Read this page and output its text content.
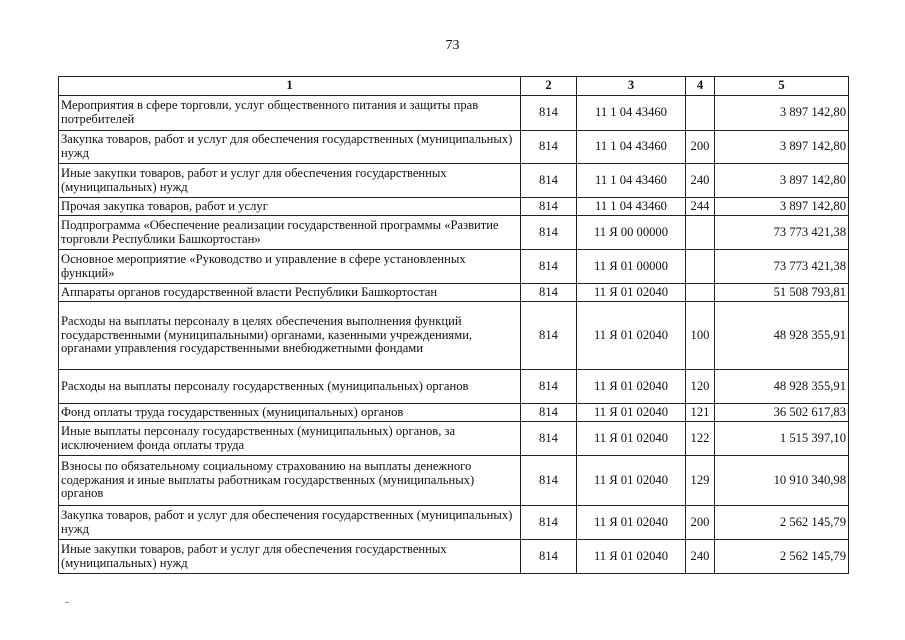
73
1	2	3	4	5
Мероприятия в сфере торговли, услуг общественного питания и защиты прав потребителей	814	11 1 04 43460		3 897 142,80
Закупка товаров, работ и услуг для обеспечения государственных (муниципальных) нужд	814	11 1 04 43460	200	3 897 142,80
Иные закупки товаров, работ и услуг для обеспечения государственных (муниципальных) нужд	814	11 1 04 43460	240	3 897 142,80
Прочая закупка товаров, работ и услуг	814	11 1 04 43460	244	3 897 142,80
Подпрограмма «Обеспечение реализации государственной программы «Развитие торговли Республики Башкортостан»	814	11 Я 00 00000		73 773 421,38
Основное мероприятие «Руководство и управление в сфере установленных функций»	814	11 Я 01 00000		73 773 421,38
Аппараты органов государственной власти Республики Башкортостан	814	11 Я 01 02040		51 508 793,81
Расходы на выплаты персоналу в целях обеспечения выполнения функций государственными (муниципальными) органами, казенными учреждениями, органами управления государственными внебюджетными фондами	814	11 Я 01 02040	100	48 928 355,91
Расходы на выплаты персоналу государственных (муниципальных) органов	814	11 Я 01 02040	120	48 928 355,91
Фонд оплаты труда государственных (муниципальных) органов	814	11 Я 01 02040	121	36 502 617,83
Иные выплаты персоналу государственных (муниципальных) органов, за исключением фонда оплаты труда	814	11 Я 01 02040	122	1 515 397,10
Взносы по обязательному социальному страхованию на выплаты денежного содержания и иные выплаты работникам государственных (муниципальных) органов	814	11 Я 01 02040	129	10 910 340,98
Закупка товаров, работ и услуг для обеспечения государственных (муниципальных) нужд	814	11 Я 01 02040	200	2 562 145,79
Иные закупки товаров, работ и услуг для обеспечения государственных (муниципальных) нужд	814	11 Я 01 02040	240	2 562 145,79
